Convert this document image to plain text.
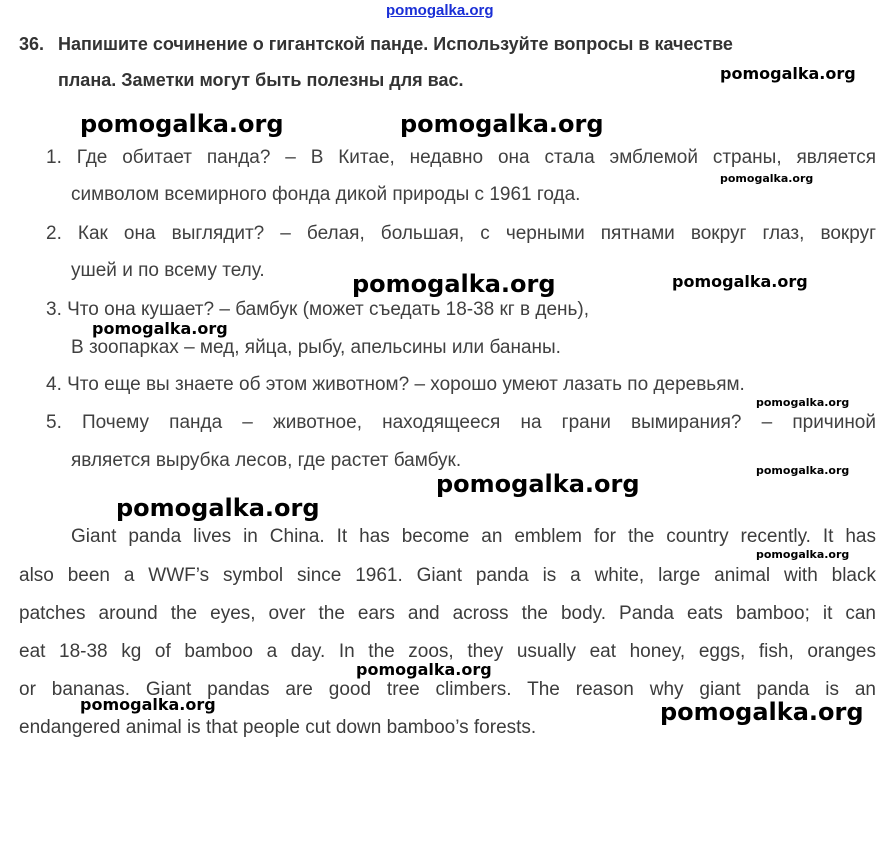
pomogalka.org
36. Напишите сочинение о гигантской панде. Используйте вопросы в качестве
плана. Заметки могут быть полезны для вас.
1. Где обитает панда? – В Китае, недавно она стала эмблемой страны, является
символом всемирного фонда дикой природы с 1961 года.
2. Как она выглядит? – белая, большая, с черными пятнами вокруг глаз, вокруг
ушей и по всему телу.
3. Что она кушает? – бамбук (может съедать 18-38 кг в день),
В зоопарках – мед, яйца, рыбу, апельсины или бананы.
4. Что еще вы знаете об этом животном? – хорошо умеют лазать по деревьям.
5. Почему панда – животное, находящееся на грани вымирания? – причиной
является вырубка лесов, где растет бамбук.
Giant panda lives in China. It has become an emblem for the country recently. It has
also been a WWF’s symbol since 1961. Giant panda is a white, large animal with black
patches around the eyes, over the ears and across the body. Panda eats bamboo; it can
eat 18-38 kg of bamboo a day. In the zoos, they usually eat honey, eggs, fish, oranges
or bananas. Giant pandas are good tree climbers. The reason why giant panda is an
endangered animal is that people cut down bamboo’s forests.
pomogalka.org
pomogalka.org	pomogalka.org
pomogalka.org
pomogalka.org	pomogalka.org
pomogalka.org
pomogalka.org
pomogalka.org
pomogalka.org
pomogalka.org
pomogalka.org
pomogalka.org
pomogalka.org	pomogalka.org
